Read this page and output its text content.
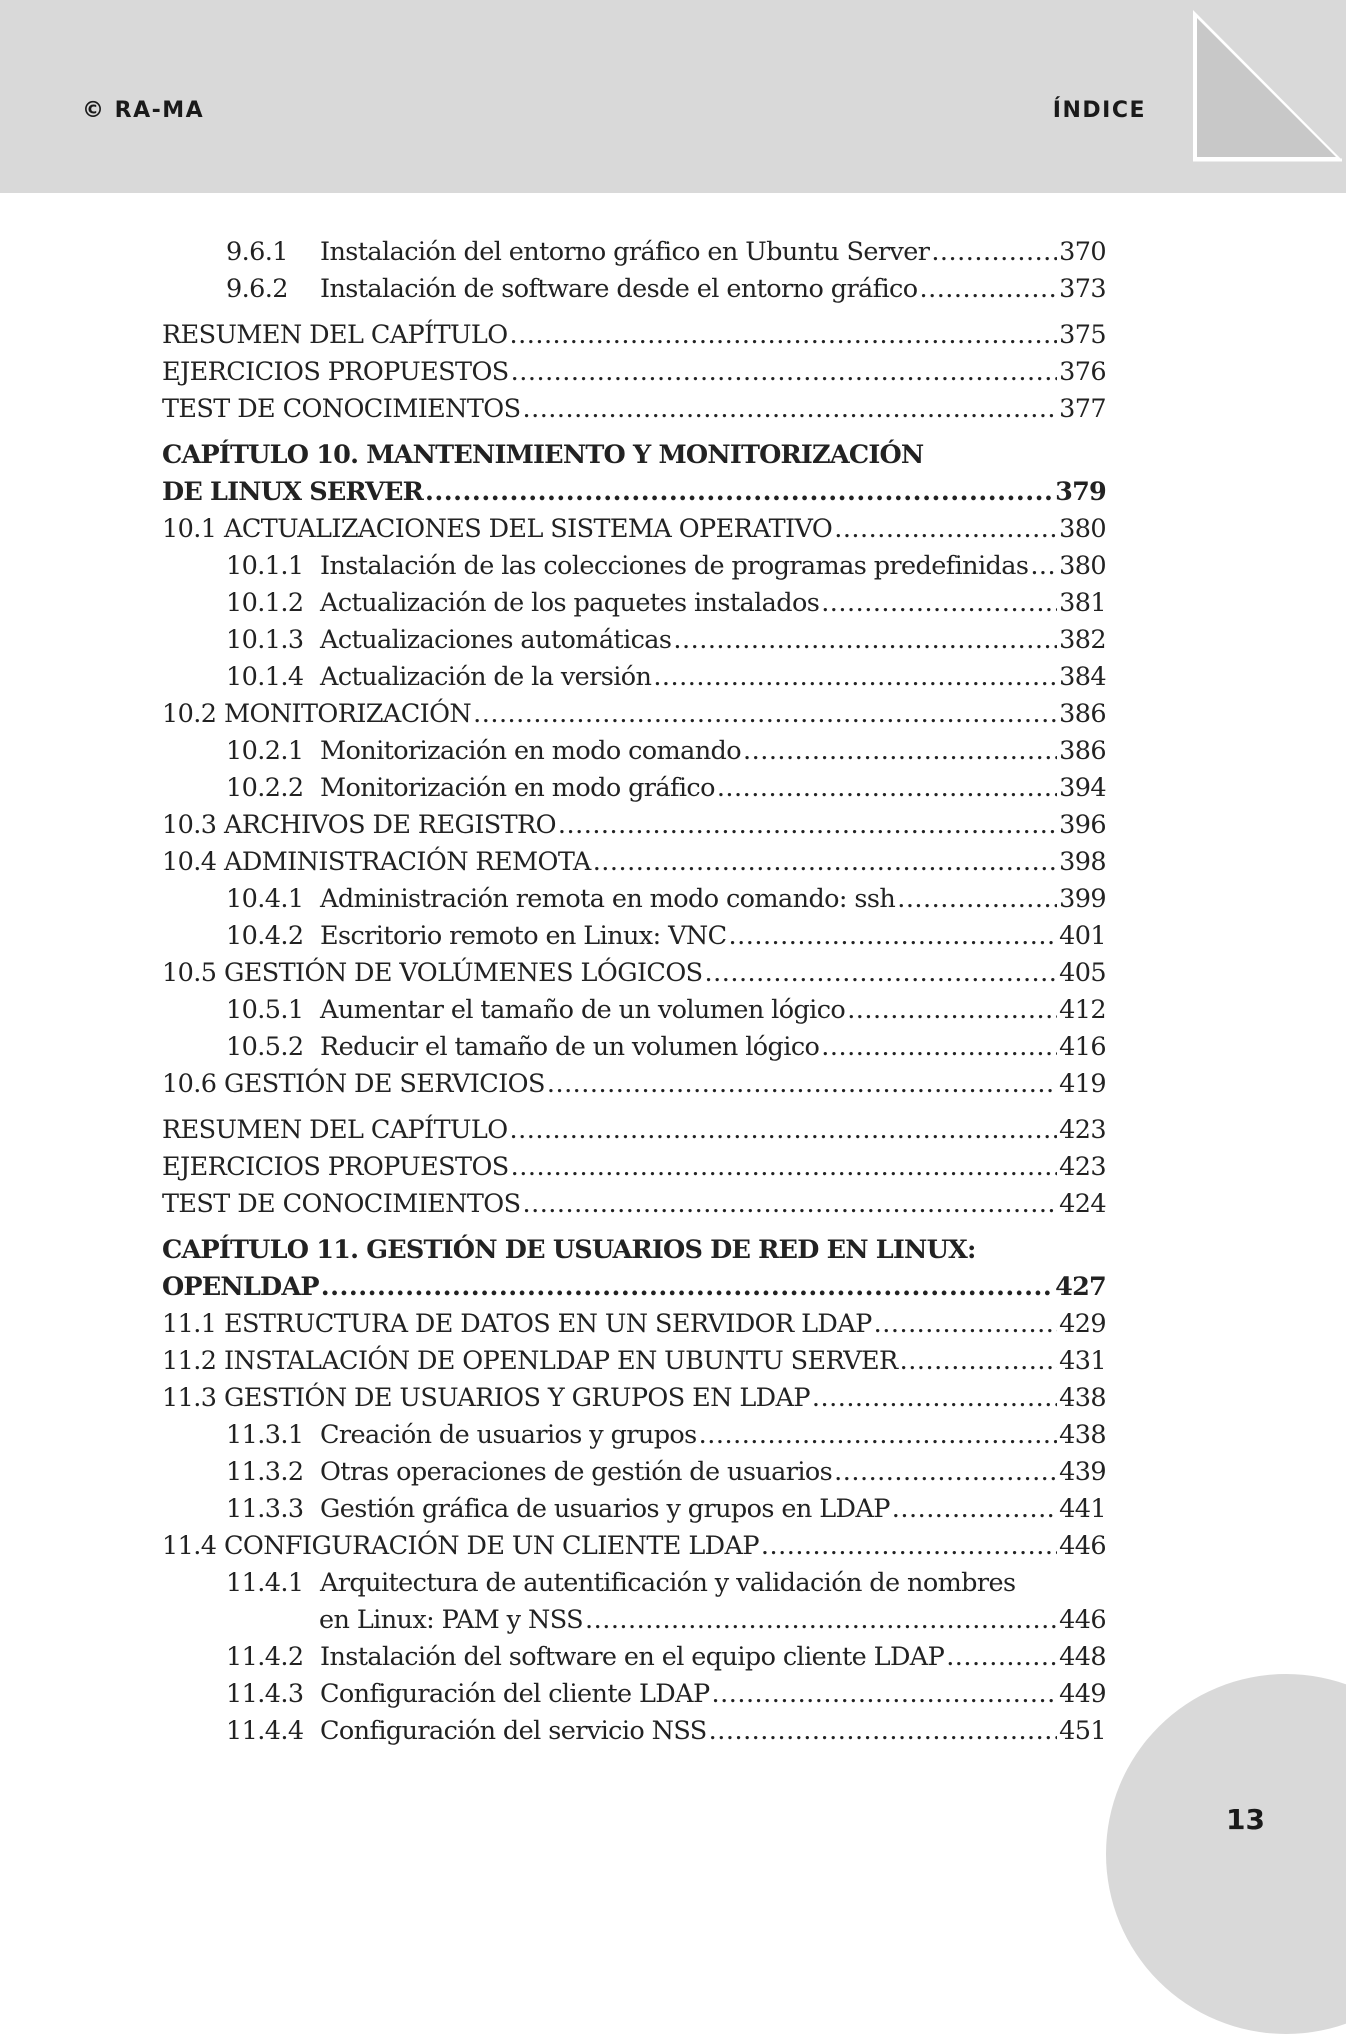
© RA-MA	ÍNDICE
9.6.1	Instalación del entorno gráfico en Ubuntu Server .....	370
9.6.2	Instalación de software desde el entorno gráfico .....	373
RESUMEN DEL CAPÍTULO .....	375
EJERCICIOS PROPUESTOS .....	376
TEST DE CONOCIMIENTOS .....	377
CAPÍTULO 10. MANTENIMIENTO Y MONITORIZACIÓN
DE LINUX SERVER .....	379
10.1 ACTUALIZACIONES DEL SISTEMA OPERATIVO .....	380
10.1.1 Instalación de las colecciones de programas predefinidas ..... 380
10.1.2 Actualización de los paquetes instalados .....	381
10.1.3 Actualizaciones automáticas .....	382
10.1.4 Actualización de la versión .....	384
10.2 MONITORIZACIÓN .....	386
10.2.1 Monitorización en modo comando .....	386
10.2.2 Monitorización en modo gráfico .....	394
10.3 ARCHIVOS DE REGISTRO .....	396
10.4 ADMINISTRACIÓN REMOTA .....	398
10.4.1 Administración remota en modo comando: ssh .....	399
10.4.2 Escritorio remoto en Linux: VNC .....	401
10.5 GESTIÓN DE VOLÚMENES LÓGICOS .....	405
10.5.1 Aumentar el tamaño de un volumen lógico .....	412
10.5.2 Reducir el tamaño de un volumen lógico .....	416
10.6 GESTIÓN DE SERVICIOS .....	419
RESUMEN DEL CAPÍTULO .....	423
EJERCICIOS PROPUESTOS .....	423
TEST DE CONOCIMIENTOS .....	424
CAPÍTULO 11. GESTIÓN DE USUARIOS DE RED EN LINUX:
OPENLDAP .....	427
11.1 ESTRUCTURA DE DATOS EN UN SERVIDOR LDAP .....	429
11.2 INSTALACIÓN DE OPENLDAP EN UBUNTU SERVER .....	431
11.3 GESTIÓN DE USUARIOS Y GRUPOS EN LDAP .....	438
11.3.1 Creación de usuarios y grupos .....	438
11.3.2 Otras operaciones de gestión de usuarios .....	439
11.3.3 Gestión gráfica de usuarios y grupos en LDAP .....	441
11.4 CONFIGURACIÓN DE UN CLIENTE LDAP .....	446
11.4.1 Arquitectura de autentificación y validación de nombres
en Linux: PAM y NSS .....	446
11.4.2 Instalación del software en el equipo cliente LDAP .....	448
11.4.3 Configuración del cliente LDAP .....	449
11.4.4 Configuración del servicio NSS .....	451
13
